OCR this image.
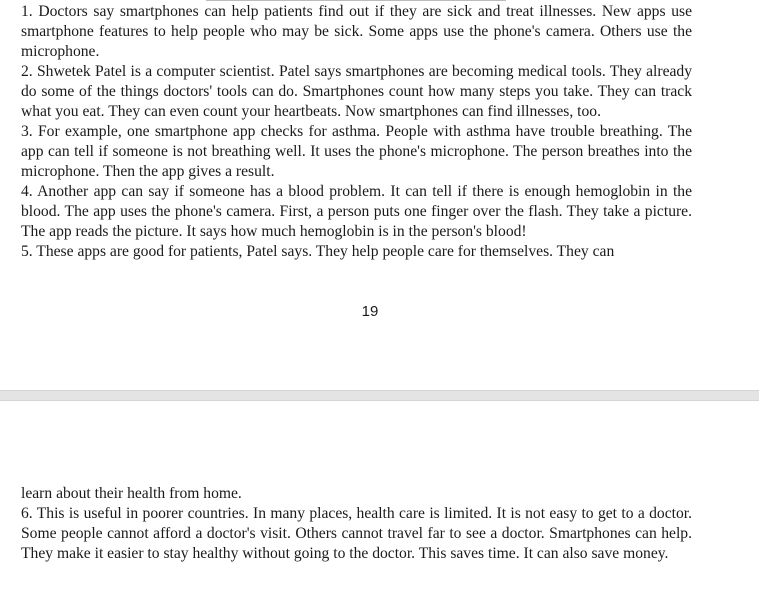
1. Doctors say smartphones can help patients find out if they are sick and treat illnesses. New apps use smartphone features to help people who may be sick. Some apps use the phone's camera. Others use the microphone.

2. Shwetek Patel is a computer scientist. Patel says smartphones are becoming medical tools. They already do some of the things doctors' tools can do. Smartphones count how many steps you take. They can track what you eat. They can even count your heartbeats. Now smartphones can find illnesses, too.

3. For example, one smartphone app checks for asthma. People with asthma have trouble breathing. The app can tell if someone is not breathing well. It uses the phone's microphone. The person breathes into the microphone. Then the app gives a result.

4. Another app can say if someone has a blood problem. It can tell if there is enough hemoglobin in the blood. The app uses the phone's camera. First, a person puts one finger over the flash. They take a picture. The app reads the picture. It says how much hemoglobin is in the person's blood!

5. These apps are good for patients, Patel says. They help people care for themselves. They can

19

learn about their health from home.

6. This is useful in poorer countries. In many places, health care is limited. It is not easy to get to a doctor. Some people cannot afford a doctor's visit. Others cannot travel far to see a doctor. Smartphones can help. They make it easier to stay healthy without going to the doctor. This saves time. It can also save money.
